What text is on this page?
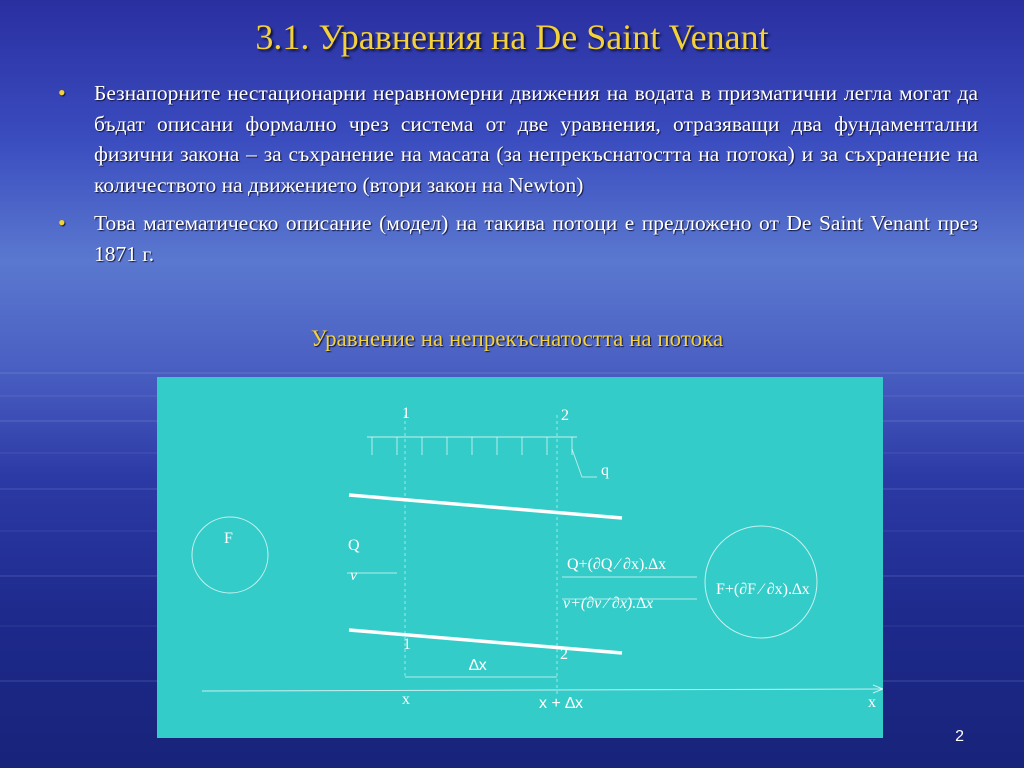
3.1. Уравнения на De Saint Venant
• Безнапорните нестационарни неравномерни движения на водата в призматични легла могат да бъдат описани формално чрез система от две уравнения, отразяващи два фундаментални физични закона – за съхранение на масата (за непрекъснатостта на потока) и за съхранение на количеството на движението (втори закон на Newton)
• Това математическо описание (модел) на такива потоци е предложено от De Saint Venant през 1871 г.
Уравнение на непрекъснатостта на потока
1	2
q
F	Q
v
Q+(∂Q ⁄ ∂x).∆x
v+(∂v ⁄ ∂x).∆x
F+(∂F ⁄ ∂x).∆x
1
2
∆x
x	x + ∆x	x
2
